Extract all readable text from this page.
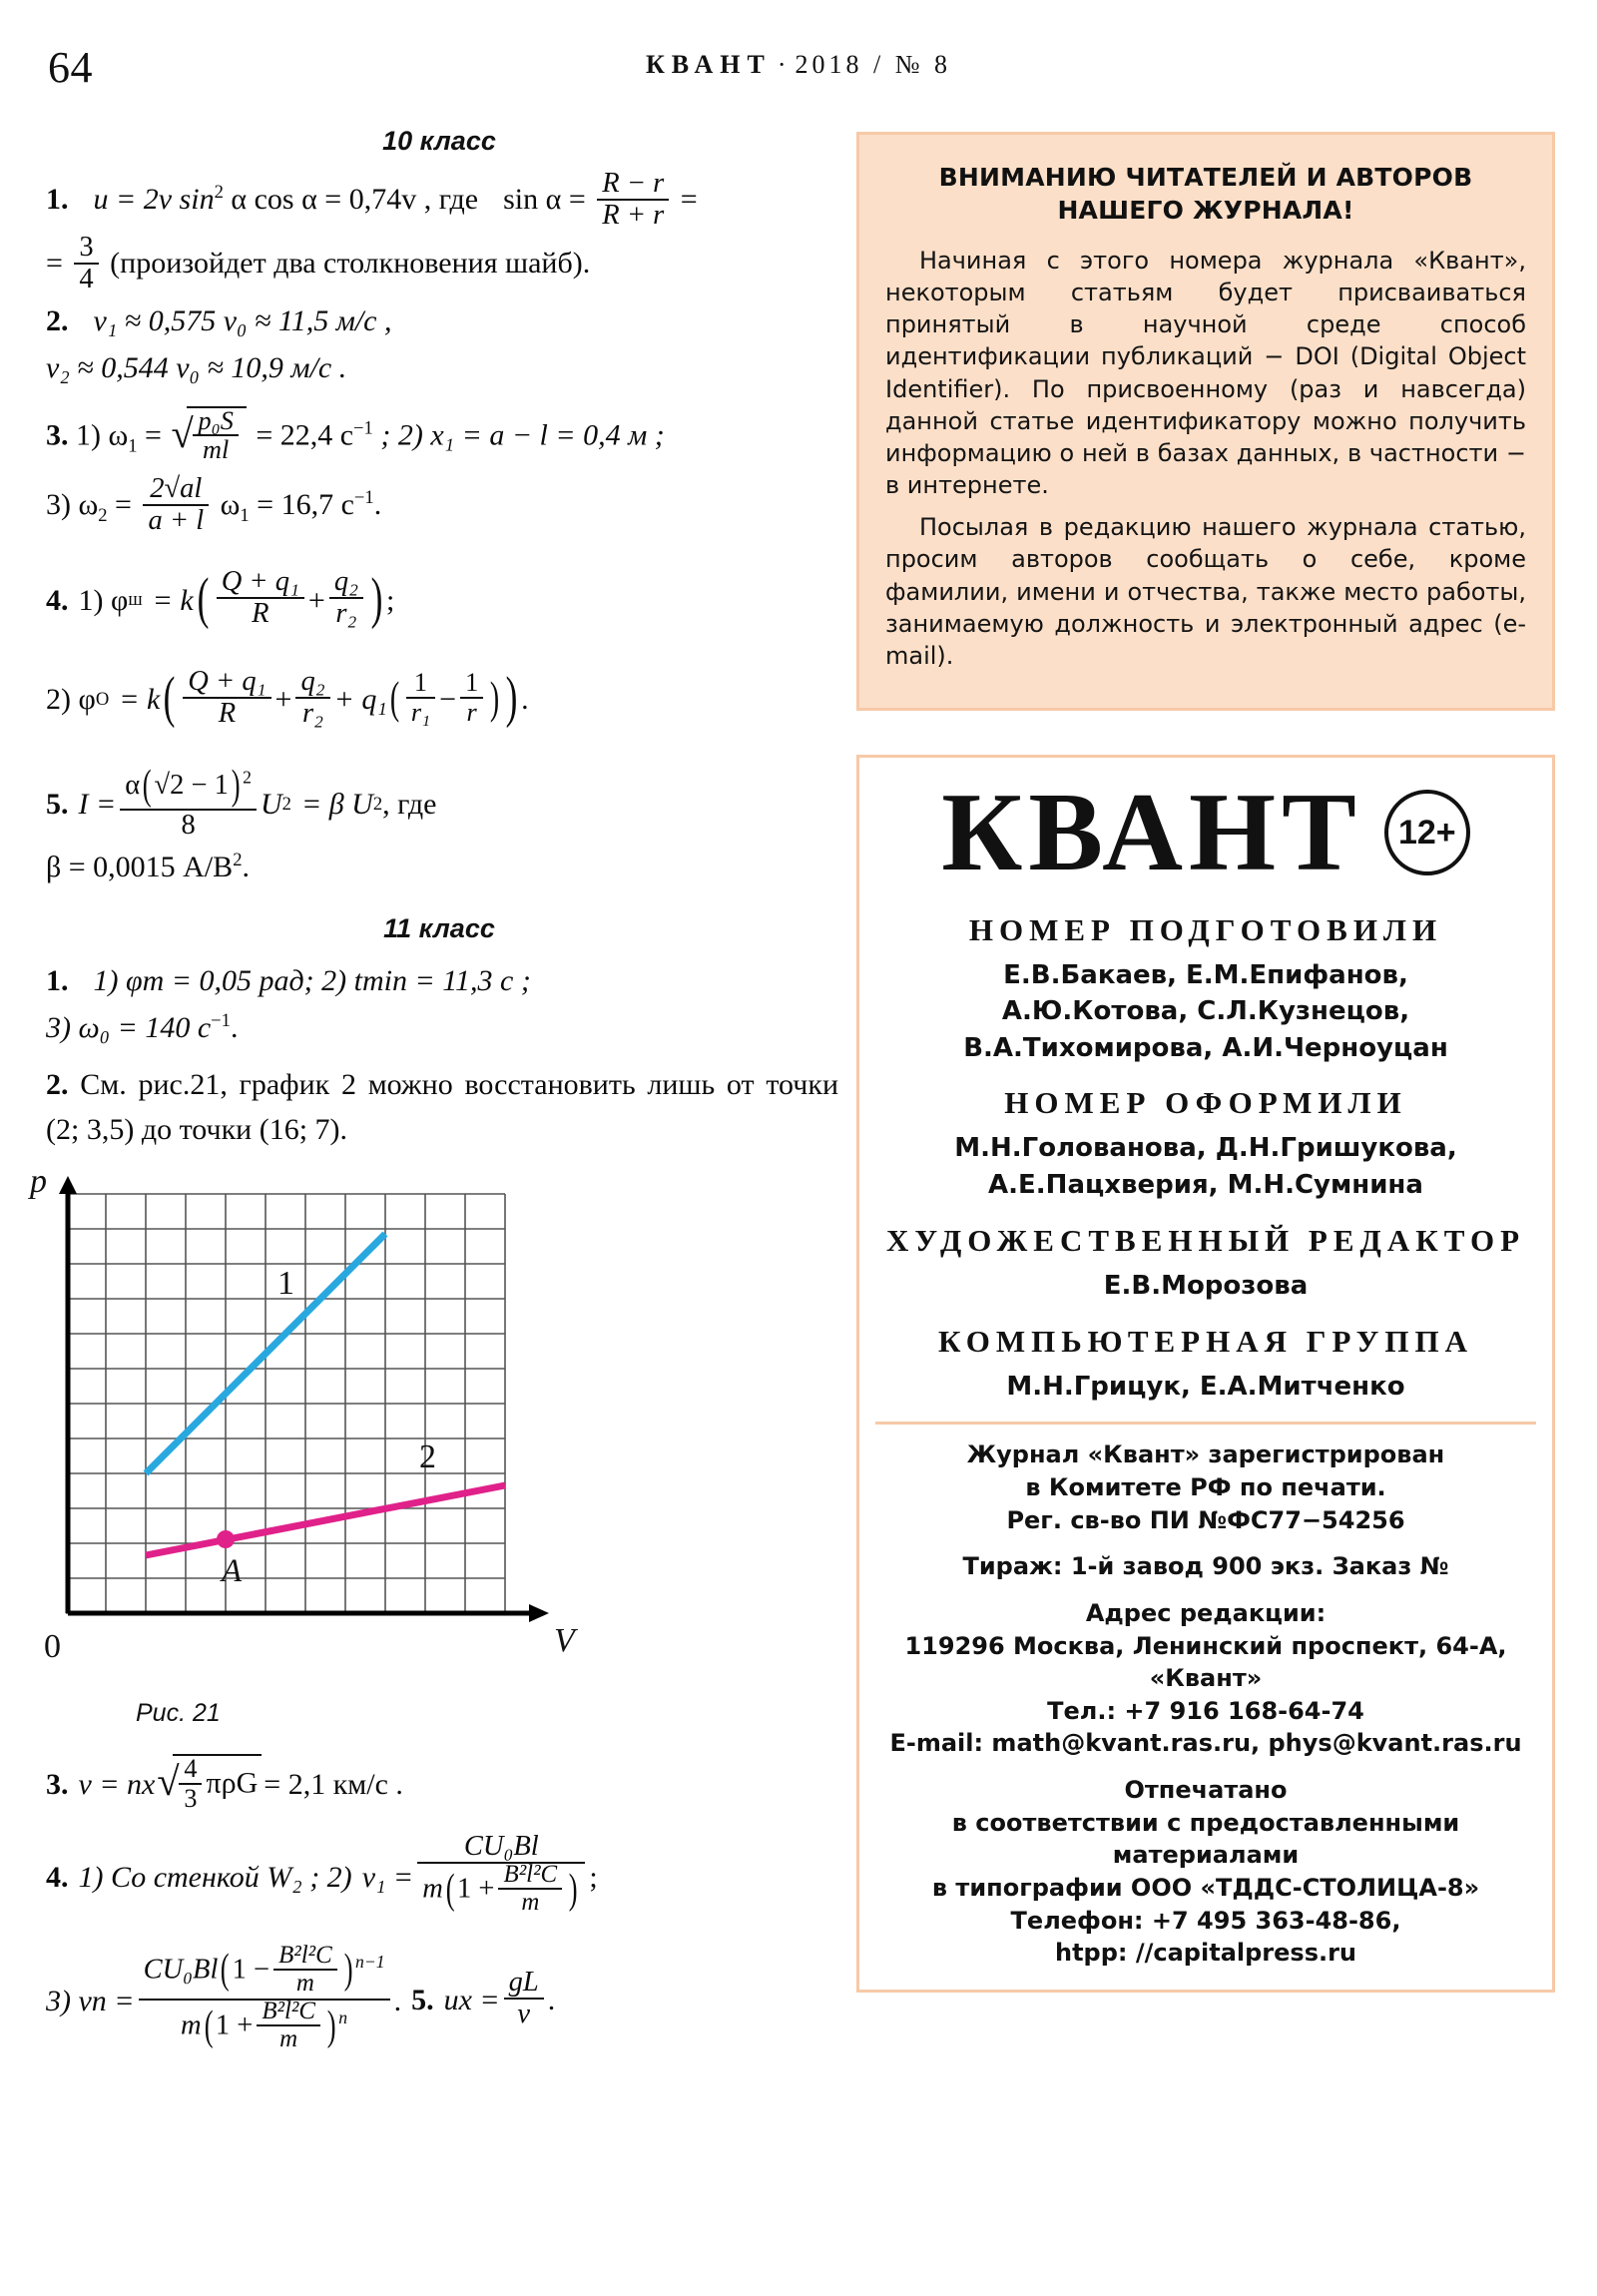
64	КВАНТ · 2018 / № 8
10 класс
1. u = 2v $\sin^2 \alpha$ cos α = 0,74v , где $\sin \alpha = \frac{R - r}{R + r}$ =
= $\frac{3}{4}$ (произойдет два столкновения шайб).
2. v₁ ≈ 0,575 v₀ ≈ 11,5 м/с ,
v₂ ≈ 0,544 v₀ ≈ 10,9 м/с .
3. 1) $\omega_1$ = √ $\frac{\text{p₀S}}{ml} = 22,4$ $с^{-1}$ ; 2) x₁ = a − l = 0,4 м ;
3) $\omega_2 = \frac{2√al}{a + l} \omega_1 = 16,7$ $с^{-1}$.
4. 1) φ ш = k ( $\frac{\text{Q + q₁}}{R} + \frac{\text{q₂}}{\text{r₂}}$ ) ;

2) φ O = k ( $\frac{\text{Q + q₁}}{R} + \frac{\text{q₂}}{\text{r₂}} + q_1$ ( $\frac{1}{\text{r₁}} - \frac{1}{r}$ ) ) .

5. $I = \frac{\alpha(√2 - 1) ^2}{8}$ U 2 = β U 2 , где
β = 0,0015 $А/В^2$.
11 класс
1. 1) φm = 0,05 рад; 2) tmin = 11,3 с ;
3) ω₀ = 140 $с^{-1}$.
2. См. рис.21, график 2 можно восстановить лишь от точки (2; 3,5) до точки (16; 7).
1
2
A
p
V
0
Рис. 21
3. v = nx √ $\frac{4}{3}$ πρG = 2,1 км/с .

4. 1) Со стенкой W₂ ; 2) $v_1 = \frac{\text{CU₀Bl}}{m(1 + \frac{\text{B²l²C}}{m} )}$ ;

3) vn = $\frac{CU_0Bl(1 - \frac{\text{B²l²C}}{m} ) ^{n-1}}{m(1 + \frac{\text{B²l²C}}{m} ) ^n}$ .
5. ux = $\frac{gL}{v}$ .
ВНИМАНИЮ ЧИТАТЕЛЕЙ И АВТОРОВ
НАШЕГО ЖУРНАЛА!

Начиная с этого номера журнала «Квант», некоторым статьям будет присваиваться принятый в научной среде способ идентификации публикаций − DOI (Digital Object Identifier). По присвоенному (раз и навсегда) данной статье идентификатору можно получить информацию о ней в базах данных, в частности − в интернете.

Посылая в редакцию нашего журнала статью, просим авторов сообщать о себе, кроме фамилии, имени и отчества, также место работы, занимаемую должность и электронный адрес (e-mail).

КВАНТ	12+
НОМЕР ПОДГОТОВИЛИ
Е.В.Бакаев, Е.М.Епифанов,
А.Ю.Котова, С.Л.Кузнецов,
В.А.Тихомирова, А.И.Черноуцан
НОМЕР ОФОРМИЛИ
М.Н.Голованова, Д.Н.Гришукова,
А.Е.Пацхверия, М.Н.Сумнина
ХУДОЖЕСТВЕННЫЙ РЕДАКТОР
Е.В.Морозова
КОМПЬЮТЕРНАЯ ГРУППА
М.Н.Грицук, Е.А.Митченко
Журнал «Квант» зарегистрирован
в Комитете РФ по печати.
Рег. св-во ПИ №ФС77−54256
Тираж: 1-й завод 900 экз. Заказ №
Адрес редакции:
119296 Москва, Ленинский проспект, 64-А,
«Квант»
Тел.: +7 916 168-64-74
E-mail: math@kvant.ras.ru, phys@kvant.ras.ru
Отпечатано
в соответствии с предоставленными
материалами
в типографии ООО «ТДДС-СТОЛИЦА-8»
Телефон: +7 495 363-48-86,
htpp: //capitalpress.ru
